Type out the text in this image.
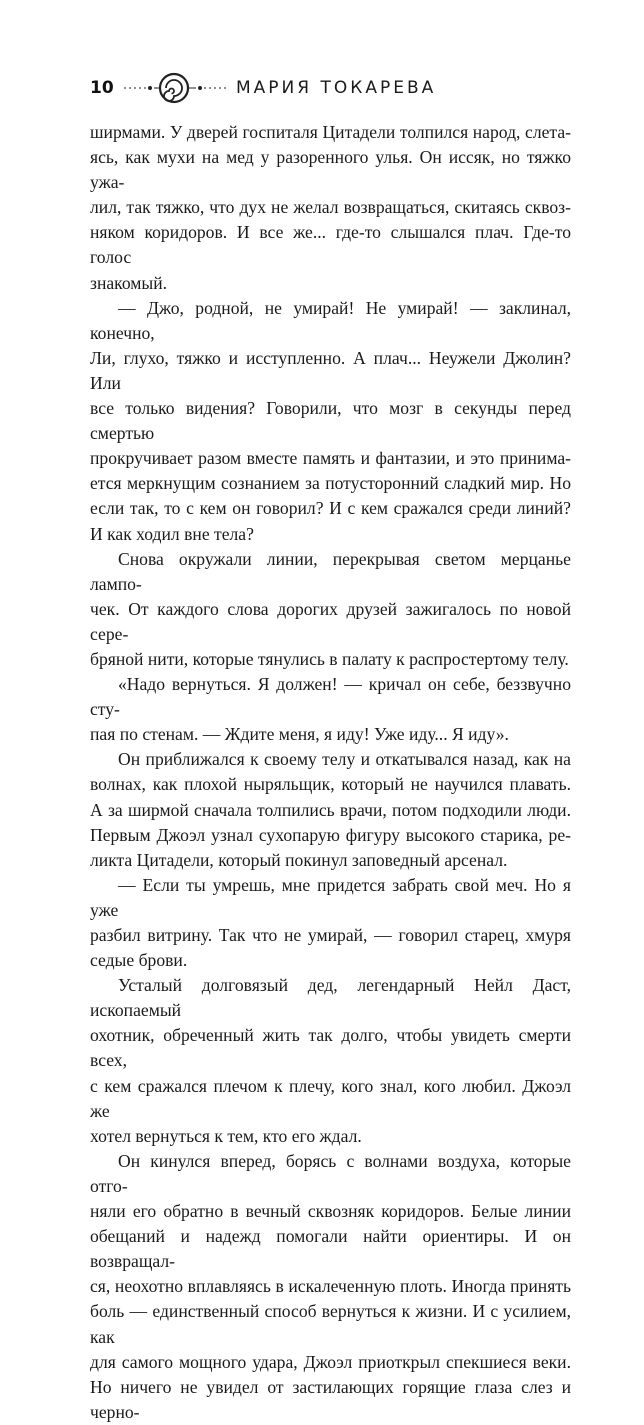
10	МАРИЯ ТОКАРЕВА

ширмами. У дверей госпиталя Цитадели толпился народ, слета-
ясь, как мухи на мед у разоренного улья. Он иссяк, но тяжко ужа-
лил, так тяжко, что дух не желал возвращаться, скитаясь сквоз-
няком коридоров. И все же... где-то слышался плач. Где-то голос
знакомый.

— Джо, родной, не умирай! Не умирай! — заклинал, конечно,
Ли, глухо, тяжко и исступленно. А плач... Неужели Джолин? Или
все только видения? Говорили, что мозг в секунды перед смертью
прокручивает разом вместе память и фантазии, и это принима-
ется меркнущим сознанием за потусторонний сладкий мир. Но
если так, то с кем он говорил? И с кем сражался среди линий?
И как ходил вне тела?

Снова окружали линии, перекрывая светом мерцанье лампо-
чек. От каждого слова дорогих друзей зажигалось по новой сере-
бряной нити, которые тянулись в палату к распростертому телу.

«Надо вернуться. Я должен! — кричал он себе, беззвучно сту-
пая по стенам. — Ждите меня, я иду! Уже иду... Я иду».

Он приближался к своему телу и откатывался назад, как на
волнах, как плохой ныряльщик, который не научился плавать.
А за ширмой сначала толпились врачи, потом подходили люди.
Первым Джоэл узнал сухопарую фигуру высокого старика, ре-
ликта Цитадели, который покинул заповедный арсенал.

— Если ты умрешь, мне придется забрать свой меч. Но я уже
разбил витрину. Так что не умирай, — говорил старец, хмуря
седые брови.

Усталый долговязый дед, легендарный Нейл Даст, ископаемый
охотник, обреченный жить так долго, чтобы увидеть смерти всех,
с кем сражался плечом к плечу, кого знал, кого любил. Джоэл же
хотел вернуться к тем, кто его ждал.

Он кинулся вперед, борясь с волнами воздуха, которые отго-
няли его обратно в вечный сквозняк коридоров. Белые линии
обещаний и надежд помогали найти ориентиры. И он возвращал-
ся, неохотно вплавляясь в искалеченную плоть. Иногда принять
боль — единственный способ вернуться к жизни. И с усилием, как
для самого мощного удара, Джоэл приоткрыл спекшиеся веки.
Но ничего не увидел от застилающих горящие глаза слез и черно-
